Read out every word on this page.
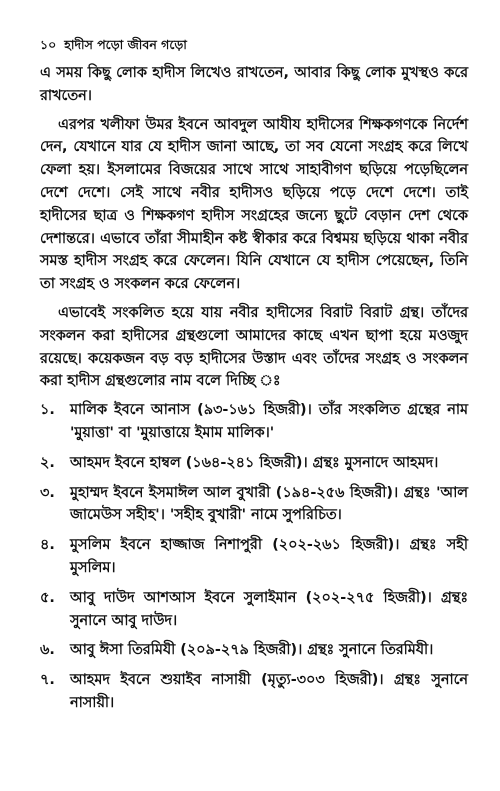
১০ হাদীস পড়ো জীবন গড়ো

এ সময় কিছু লোক হাদীস লিখেও রাখতেন, আবার কিছু লোক মুখস্থও করে রাখতেন।

এরপর খলীফা উমর ইবনে আবদুল আযীয হাদীসের শিক্ষকগণকে নির্দেশ দেন, যেখানে যার যে হাদীস জানা আছে, তা সব যেনো সংগ্রহ করে লিখে ফেলা হয়। ইসলামের বিজয়ের সাথে সাথে সাহাবীগণ ছড়িয়ে পড়েছিলেন দেশে দেশে। সেই সাথে নবীর হাদীসও ছড়িয়ে পড়ে দেশে দেশে। তাই হাদীসের ছাত্র ও শিক্ষকগণ হাদীস সংগ্রহের জন্যে ছুটে বেড়ান দেশ থেকে দেশান্তরে। এভাবে তাঁরা সীমাহীন কষ্ট স্বীকার করে বিশ্বময় ছড়িয়ে থাকা নবীর সমস্ত হাদীস সংগ্রহ করে ফেলেন। যিনি যেখানে যে হাদীস পেয়েছেন, তিনি তা সংগ্রহ ও সংকলন করে ফেলেন।

এভাবেই সংকলিত হয়ে যায় নবীর হাদীসের বিরাট বিরাট গ্রন্থ। তাঁদের সংকলন করা হাদীসের গ্রন্থগুলো আমাদের কাছে এখন ছাপা হয়ে মওজুদ রয়েছে। কয়েকজন বড় বড় হাদীসের উস্তাদ এবং তাঁদের সংগ্রহ ও সংকলন করা হাদীস গ্রন্থগুলোর নাম বলে দিচ্ছি ঃ

১.	মালিক ইবনে আনাস (৯৩-১৬১ হিজরী)। তাঁর সংকলিত গ্রন্থের নাম 'মুয়াত্তা' বা 'মুয়াত্তায়ে ইমাম মালিক।'
২.	আহমদ ইবনে হাম্বল (১৬৪-২৪১ হিজরী)। গ্রন্থঃ মুসনাদে আহমদ।
৩.	মুহাম্মদ ইবনে ইসমাঈল আল বুখারী (১৯৪-২৫৬ হিজরী)। গ্রন্থঃ 'আল জামেউস সহীহ'। 'সহীহ বুখারী' নামে সুপরিচিত।
৪.	মুসলিম ইবনে হাজ্জাজ নিশাপুরী (২০২-২৬১ হিজরী)। গ্রন্থঃ সহী মুসলিম।
৫.	আবু দাউদ আশআস ইবনে সুলাইমান (২০২-২৭৫ হিজরী)। গ্রন্থঃ সুনানে আবু দাউদ।
৬.	আবু ঈসা তিরমিযী (২০৯-২৭৯ হিজরী)। গ্রন্থঃ সুনানে তিরমিযী।
৭.	আহমদ ইবনে শুয়াইব নাসায়ী (মৃত্যু-৩০৩ হিজরী)। গ্রন্থঃ সুনানে নাসায়ী।
